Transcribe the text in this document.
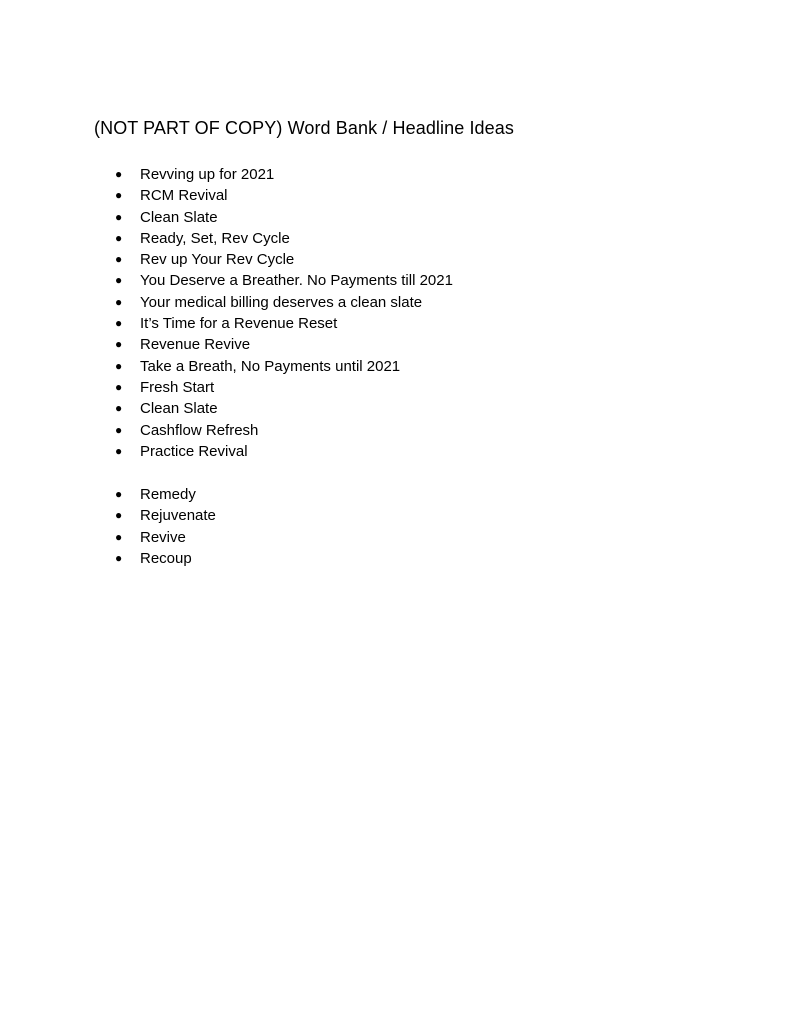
(NOT PART OF COPY) Word Bank / Headline Ideas
● Revving up for 2021
● RCM Revival
● Clean Slate
● Ready, Set, Rev Cycle
● Rev up Your Rev Cycle
● You Deserve a Breather. No Payments till 2021
● Your medical billing deserves a clean slate
● It’s Time for a Revenue Reset
● Revenue Revive
● Take a Breath, No Payments until 2021
● Fresh Start
● Clean Slate
● Cashflow Refresh
● Practice Revival
● Remedy
● Rejuvenate
● Revive
● Recoup
